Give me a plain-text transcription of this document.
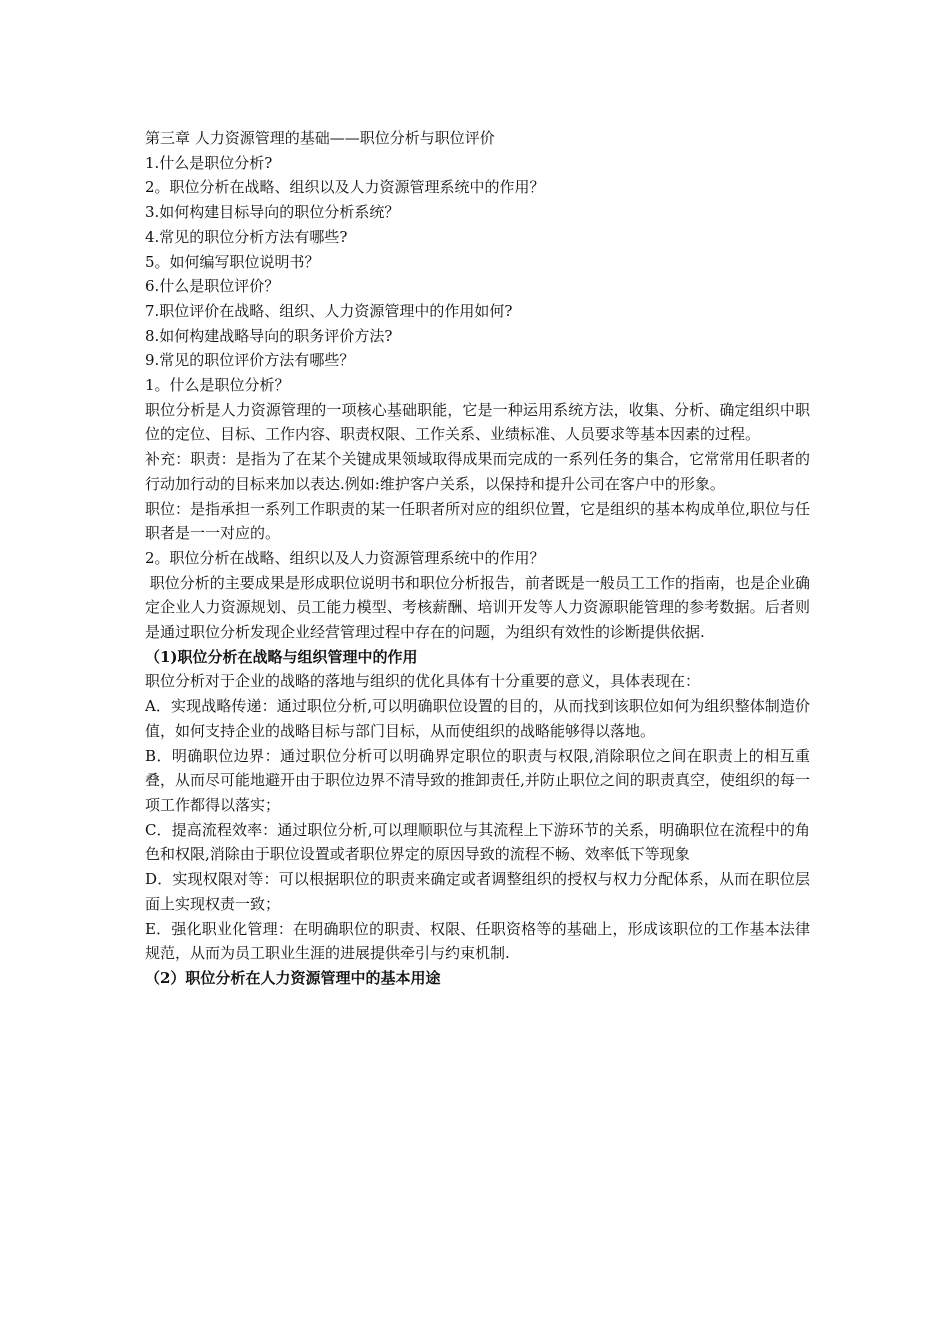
第三章 人力资源管理的基础——职位分析与职位评价

1.什么是职位分析?

2。职位分析在战略、组织以及人力资源管理系统中的作用？

3.如何构建目标导向的职位分析系统？

4.常见的职位分析方法有哪些?

5。如何编写职位说明书？

6.什么是职位评价？

7.职位评价在战略、组织、人力资源管理中的作用如何?

8.如何构建战略导向的职务评价方法?

9.常见的职位评价方法有哪些？

1。什么是职位分析？

职位分析是人力资源管理的一项核心基础职能，它是一种运用系统方法，收集、分析、确定组织中职位的定位、目标、工作内容、职责权限、工作关系、业绩标准、人员要求等基本因素的过程。

补充：职责：是指为了在某个关键成果领域取得成果而完成的一系列任务的集合，它常常用任职者的行动加行动的目标来加以表达.例如:维护客户关系，以保持和提升公司在客户中的形象。

职位：是指承担一系列工作职责的某一任职者所对应的组织位置，它是组织的基本构成单位,职位与任职者是一一对应的。

2。职位分析在战略、组织以及人力资源管理系统中的作用？

职位分析的主要成果是形成职位说明书和职位分析报告，前者既是一般员工工作的指南，也是企业确定企业人力资源规划、员工能力模型、考核薪酬、培训开发等人力资源职能管理的参考数据。后者则是通过职位分析发现企业经营管理过程中存在的问题，为组织有效性的诊断提供依据.

（1)职位分析在战略与组织管理中的作用

职位分析对于企业的战略的落地与组织的优化具体有十分重要的意义，具体表现在：

A．实现战略传递：通过职位分析,可以明确职位设置的目的，从而找到该职位如何为组织整体制造价值，如何支持企业的战略目标与部门目标，从而使组织的战略能够得以落地。

B．明确职位边界：通过职位分析可以明确界定职位的职责与权限,消除职位之间在职责上的相互重叠，从而尽可能地避开由于职位边界不清导致的推卸责任,并防止职位之间的职责真空，使组织的每一项工作都得以落实；

C．提高流程效率：通过职位分析,可以理顺职位与其流程上下游环节的关系，明确职位在流程中的角色和权限,消除由于职位设置或者职位界定的原因导致的流程不畅、效率低下等现象

D．实现权限对等：可以根据职位的职责来确定或者调整组织的授权与权力分配体系，从而在职位层面上实现权责一致；

E．强化职业化管理：在明确职位的职责、权限、任职资格等的基础上，形成该职位的工作基本法律规范，从而为员工职业生涯的进展提供牵引与约束机制.

（2）职位分析在人力资源管理中的基本用途
